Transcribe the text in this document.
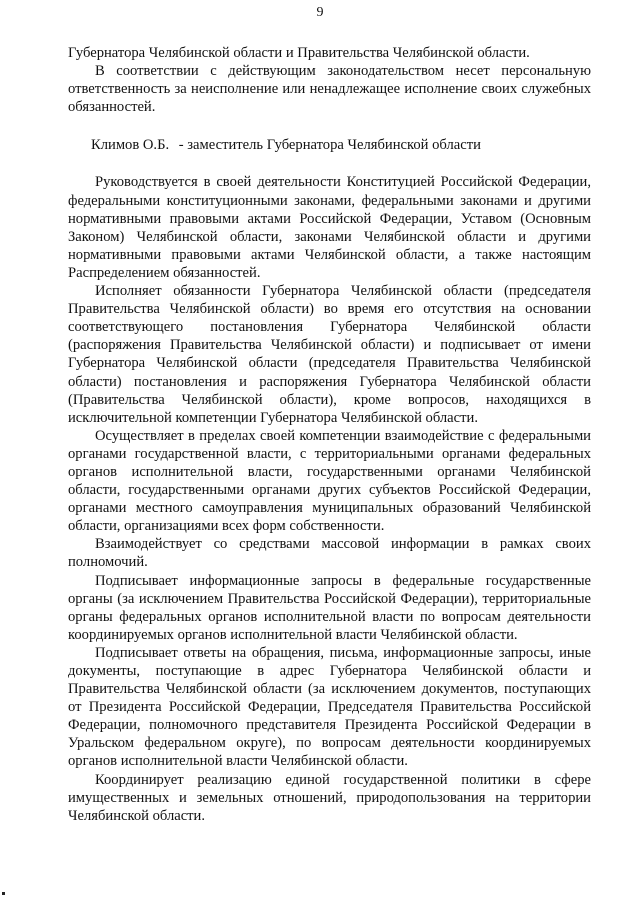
9

Губернатора Челябинской области и Правительства Челябинской области.

В соответствии с действующим законодательством несет персональную ответственность за неисполнение или ненадлежащее исполнение своих служебных обязанностей.

Климов О.Б. - заместитель Губернатора Челябинской области

Руководствуется в своей деятельности Конституцией Российской Федерации, федеральными конституционными законами, федеральными законами и другими нормативными правовыми актами Российской Федерации, Уставом (Основным Законом) Челябинской области, законами Челябинской области и другими нормативными правовыми актами Челябинской области, а также настоящим Распределением обязанностей.

Исполняет обязанности Губернатора Челябинской области (председателя Правительства Челябинской области) во время его отсутствия на основании соответствующего постановления Губернатора Челябинской области (распоряжения Правительства Челябинской области) и подписывает от имени Губернатора Челябинской области (председателя Правительства Челябинской области) постановления и распоряжения Губернатора Челябинской области (Правительства Челябинской области), кроме вопросов, находящихся в исключительной компетенции Губернатора Челябинской области.

Осуществляет в пределах своей компетенции взаимодействие с федеральными органами государственной власти, с территориальными органами федеральных органов исполнительной власти, государственными органами Челябинской области, государственными органами других субъектов Российской Федерации, органами местного самоуправления муниципальных образований Челябинской области, организациями всех форм собственности.

Взаимодействует со средствами массовой информации в рамках своих полномочий.

Подписывает информационные запросы в федеральные государственные органы (за исключением Правительства Российской Федерации), территориальные органы федеральных органов исполнительной власти по вопросам деятельности координируемых органов исполнительной власти Челябинской области.

Подписывает ответы на обращения, письма, информационные запросы, иные документы, поступающие в адрес Губернатора Челябинской области и Правительства Челябинской области (за исключением документов, поступающих от Президента Российской Федерации, Председателя Правительства Российской Федерации, полномочного представителя Президента Российской Федерации в Уральском федеральном округе), по вопросам деятельности координируемых органов исполнительной власти Челябинской области.

Координирует реализацию единой государственной политики в сфере имущественных и земельных отношений, природопользования на территории Челябинской области.
